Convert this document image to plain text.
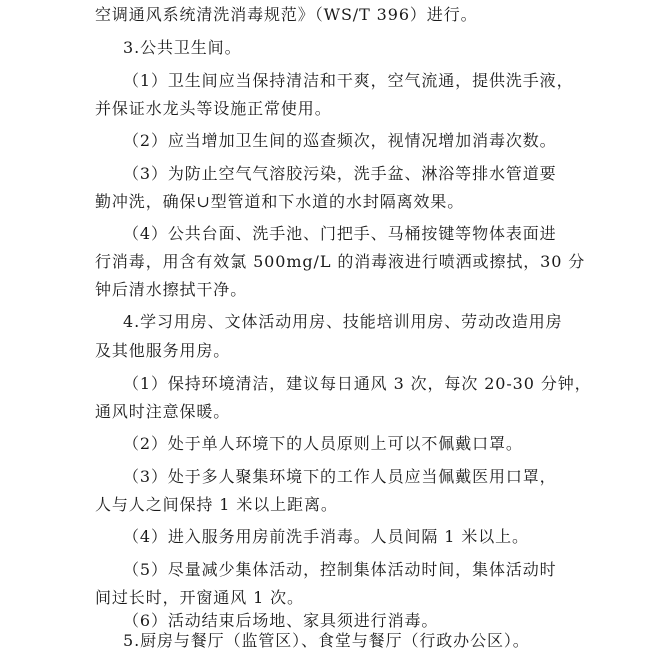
空调通风系统清洗消毒规范》（WS/T 396）进行。
3.公共卫生间。
（1）卫生间应当保持清洁和干爽，空气流通，提供洗手液，
并保证水龙头等设施正常使用。
（2）应当增加卫生间的巡查频次，视情况增加消毒次数。
（3）为防止空气气溶胶污染，洗手盆、淋浴等排水管道要
勤冲洗，确保∪型管道和下水道的水封隔离效果。
（4）公共台面、洗手池、门把手、马桶按键等物体表面进
行消毒，用含有效氯 500mg/L 的消毒液进行喷洒或擦拭，30 分
钟后清水擦拭干净。
4.学习用房、文体活动用房、技能培训用房、劳动改造用房
及其他服务用房。
（1）保持环境清洁，建议每日通风 3 次，每次 20-30 分钟，
通风时注意保暖。
（2）处于单人环境下的人员原则上可以不佩戴口罩。
（3）处于多人聚集环境下的工作人员应当佩戴医用口罩，
人与人之间保持 1 米以上距离。
（4）进入服务用房前洗手消毒。人员间隔 1 米以上。
（5）尽量减少集体活动，控制集体活动时间，集体活动时
间过长时，开窗通风 1 次。
（6）活动结束后场地、家具须进行消毒。
5.厨房与餐厅（监管区）、食堂与餐厅（行政办公区）。
